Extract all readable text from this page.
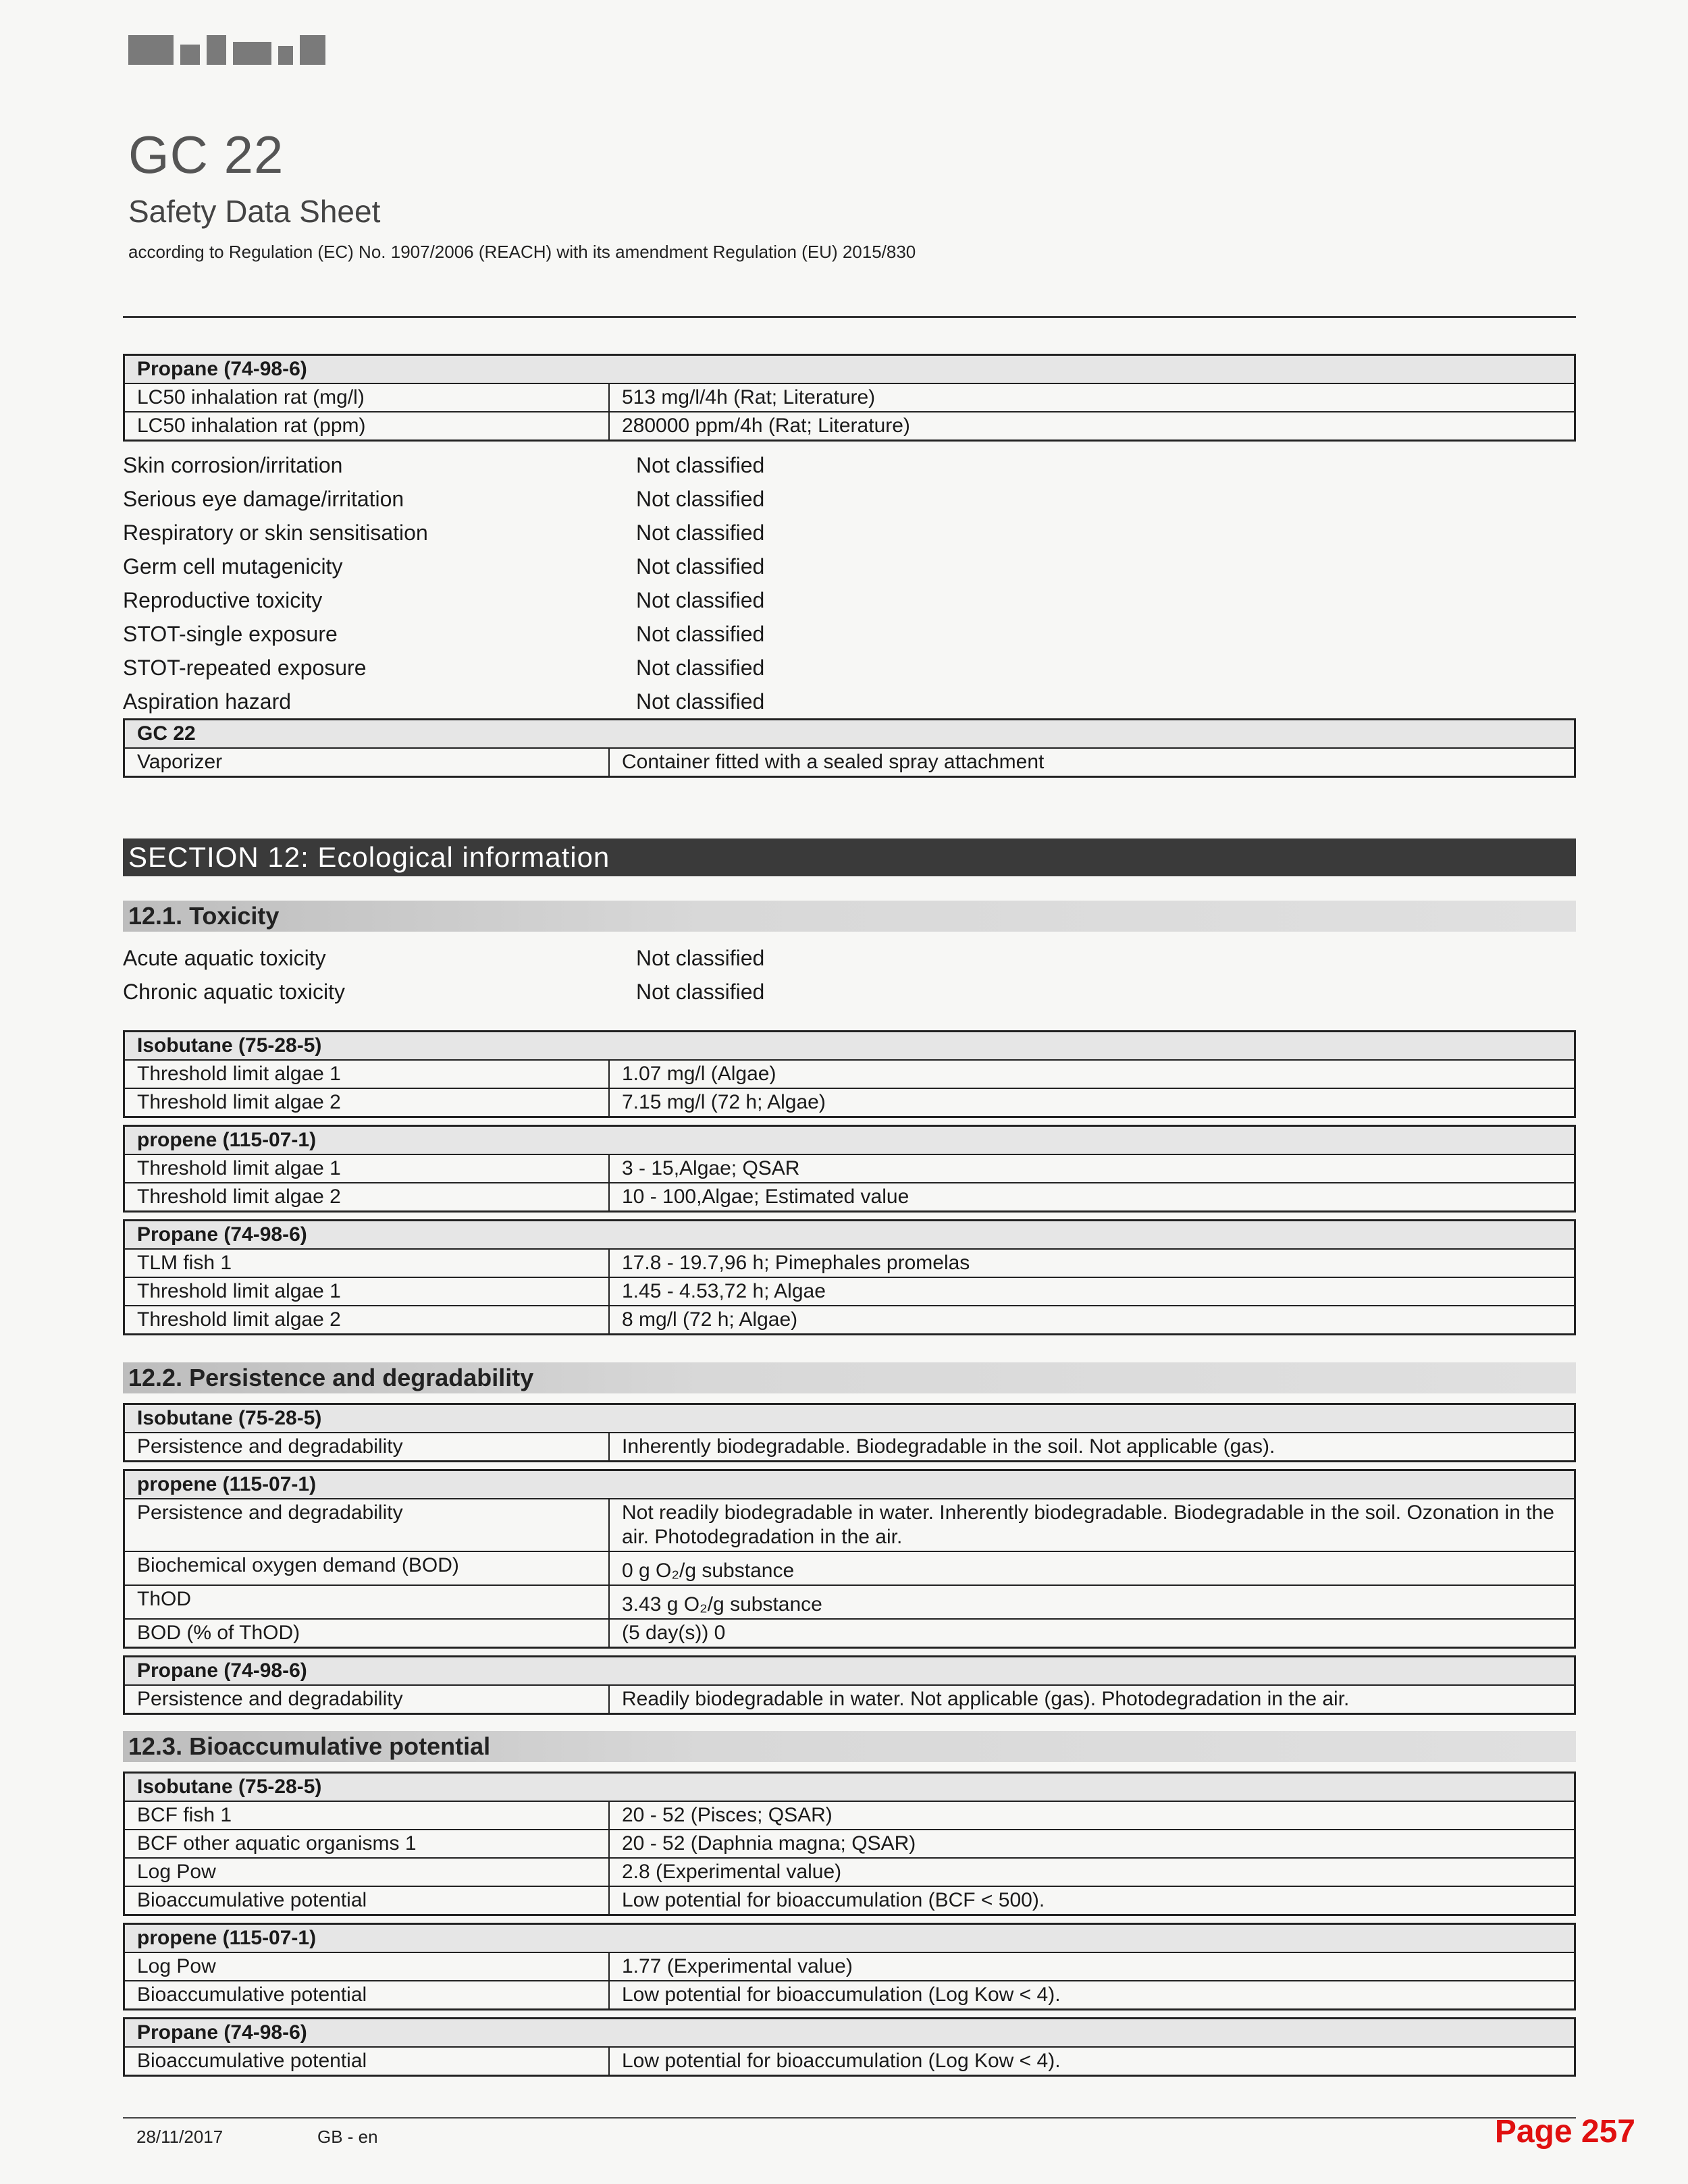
GC 22
Safety Data Sheet
according to Regulation (EC) No. 1907/2006 (REACH) with its amendment Regulation (EU) 2015/830
Propane (74-98-6)	
LC50 inhalation rat (mg/l)	513 mg/l/4h (Rat; Literature)
LC50 inhalation rat (ppm)	280000 ppm/4h (Rat; Literature)
Skin corrosion/irritation	Not classified
Serious eye damage/irritation	Not classified
Respiratory or skin sensitisation	Not classified
Germ cell mutagenicity	Not classified
Reproductive toxicity	Not classified
STOT-single exposure	Not classified
STOT-repeated exposure	Not classified
Aspiration hazard	Not classified
GC 22
Vaporizer	Container fitted with a sealed spray attachment
SECTION 12: Ecological information
12.1. Toxicity
Acute aquatic toxicity	Not classified
Chronic aquatic toxicity	Not classified
Isobutane (75-28-5)	
Threshold limit algae 1	1.07 mg/l (Algae)
Threshold limit algae 2	7.15 mg/l (72 h; Algae)
propene (115-07-1)	
Threshold limit algae 1	3 - 15,Algae; QSAR
Threshold limit algae 2	10 - 100,Algae; Estimated value
Propane (74-98-6)	
TLM fish 1	17.8 - 19.7,96 h; Pimephales promelas
Threshold limit algae 1	1.45 - 4.53,72 h; Algae
Threshold limit algae 2	8 mg/l (72 h; Algae)
12.2. Persistence and degradability
Isobutane (75-28-5)
Persistence and degradability	Inherently biodegradable. Biodegradable in the soil. Not applicable (gas).
propene (115-07-1)	
Persistence and degradability	Not readily biodegradable in water. Inherently biodegradable. Biodegradable in the soil. Ozonation in the air. Photodegradation in the air.
Biochemical oxygen demand (BOD)	0 g O₂/g substance
ThOD	3.43 g O₂/g substance
BOD (% of ThOD)	(5 day(s)) 0
Propane (74-98-6)
Persistence and degradability	Readily biodegradable in water. Not applicable (gas). Photodegradation in the air.
12.3. Bioaccumulative potential
Isobutane (75-28-5)	
BCF fish 1	20 - 52 (Pisces; QSAR)
BCF other aquatic organisms 1	20 - 52 (Daphnia magna; QSAR)
Log Pow	2.8 (Experimental value)
Bioaccumulative potential	Low potential for bioaccumulation (BCF < 500).
propene (115-07-1)	
Log Pow	1.77 (Experimental value)
Bioaccumulative potential	Low potential for bioaccumulation (Log Kow < 4).
Propane (74-98-6)
Bioaccumulative potential	Low potential for bioaccumulation (Log Kow < 4).
28/11/2017	GB - en	Page 257
